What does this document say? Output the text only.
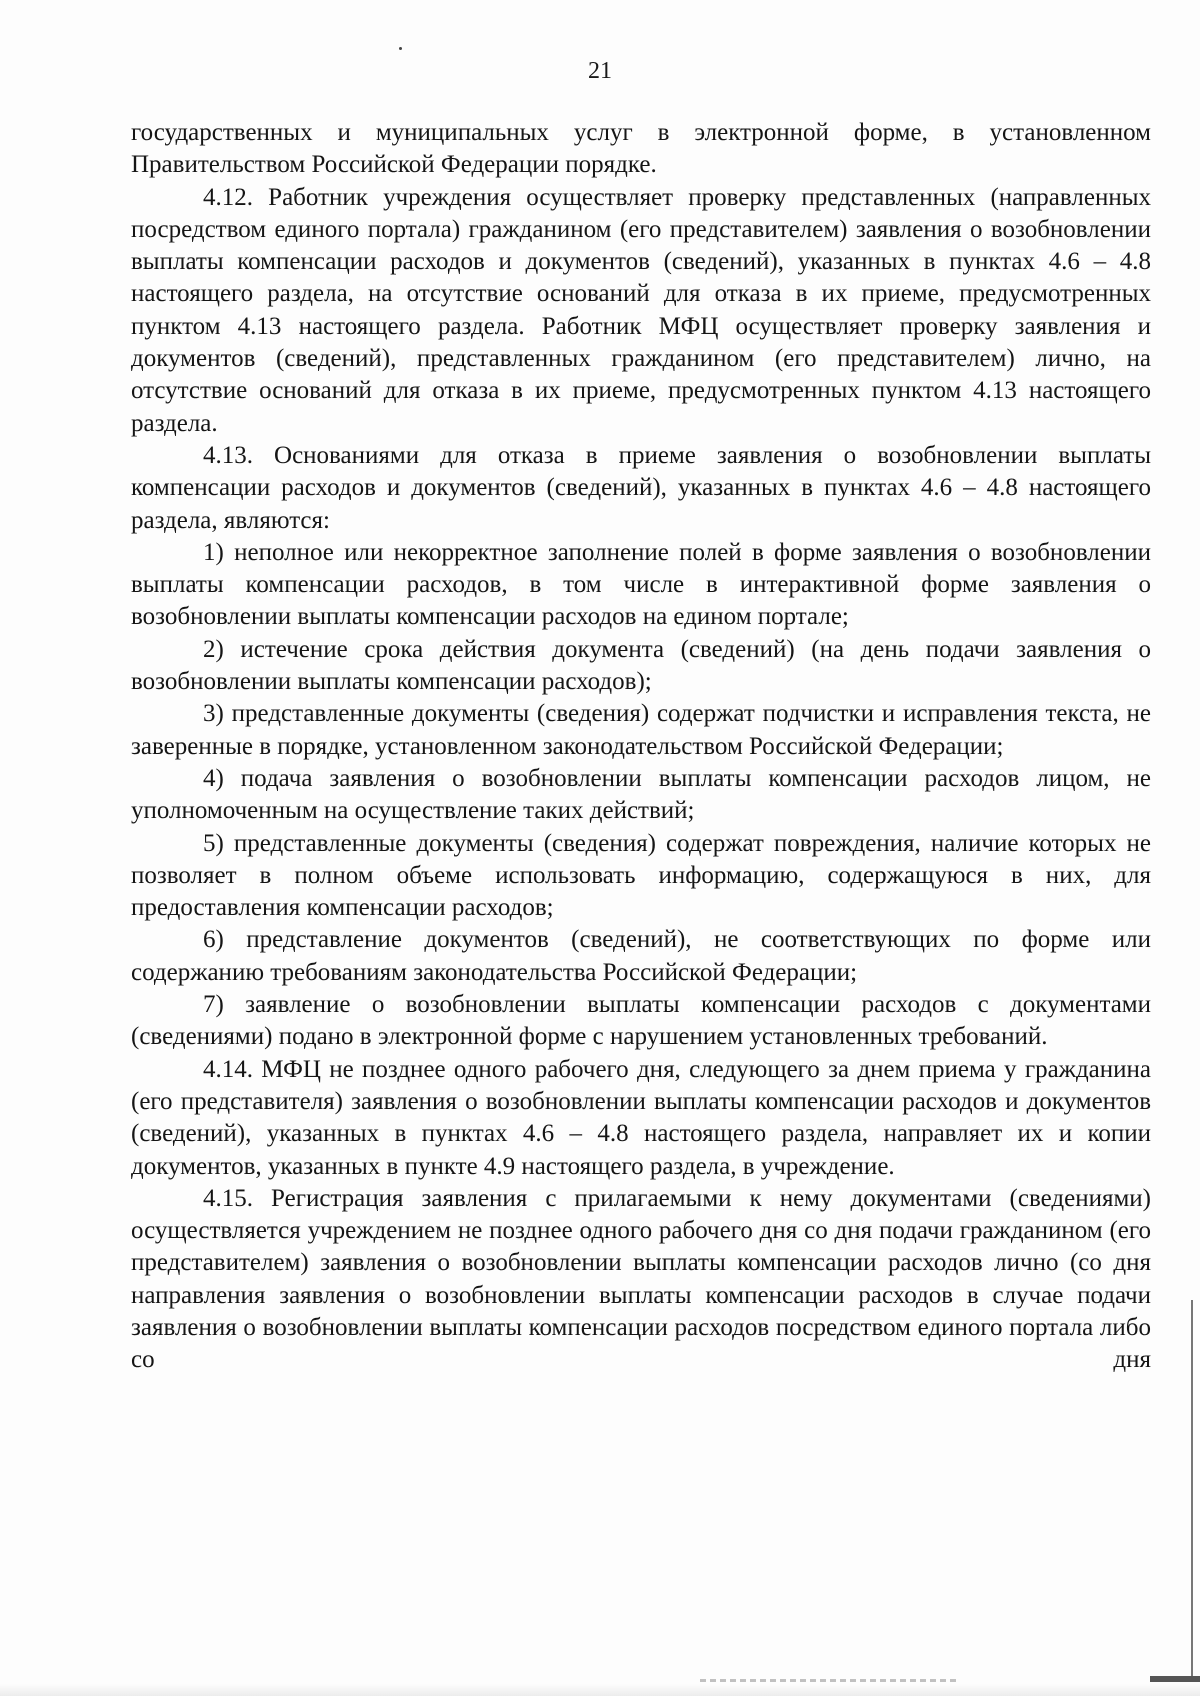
21

государственных и муниципальных услуг в электронной форме, в установленном Правительством Российской Федерации порядке.

4.12. Работник учреждения осуществляет проверку представленных (направленных посредством единого портала) гражданином (его представителем) заявления о возобновлении выплаты компенсации расходов и документов (сведений), указанных в пунктах 4.6 – 4.8 настоящего раздела, на отсутствие оснований для отказа в их приеме, предусмотренных пунктом 4.13 настоящего раздела. Работник МФЦ осуществляет проверку заявления и документов (сведений), представленных гражданином (его представителем) лично, на отсутствие оснований для отказа в их приеме, предусмотренных пунктом 4.13 настоящего раздела.

4.13. Основаниями для отказа в приеме заявления о возобновлении выплаты компенсации расходов и документов (сведений), указанных в пунктах 4.6 – 4.8 настоящего раздела, являются:

1) неполное или некорректное заполнение полей в форме заявления о возобновлении выплаты компенсации расходов, в том числе в интерактивной форме заявления о возобновлении выплаты компенсации расходов на едином портале;

2) истечение срока действия документа (сведений) (на день подачи заявления о возобновлении выплаты компенсации расходов);

3) представленные документы (сведения) содержат подчистки и исправления текста, не заверенные в порядке, установленном законодательством Российской Федерации;

4) подача заявления о возобновлении выплаты компенсации расходов лицом, не уполномоченным на осуществление таких действий;

5) представленные документы (сведения) содержат повреждения, наличие которых не позволяет в полном объеме использовать информацию, содержащуюся в них, для предоставления компенсации расходов;

6) представление документов (сведений), не соответствующих по форме или содержанию требованиям законодательства Российской Федерации;

7) заявление о возобновлении выплаты компенсации расходов с документами (сведениями) подано в электронной форме с нарушением установленных требований.

4.14. МФЦ не позднее одного рабочего дня, следующего за днем приема у гражданина (его представителя) заявления о возобновлении выплаты компенсации расходов и документов (сведений), указанных в пунктах 4.6 – 4.8 настоящего раздела, направляет их и копии документов, указанных в пункте 4.9 настоящего раздела, в учреждение.

4.15. Регистрация заявления с прилагаемыми к нему документами (сведениями) осуществляется учреждением не позднее одного рабочего дня со дня подачи гражданином (его представителем) заявления о возобновлении выплаты компенсации расходов лично (со дня направления заявления о возобновлении выплаты компенсации расходов в случае подачи заявления о возобновлении выплаты компенсации расходов посредством единого портала либо со дня
